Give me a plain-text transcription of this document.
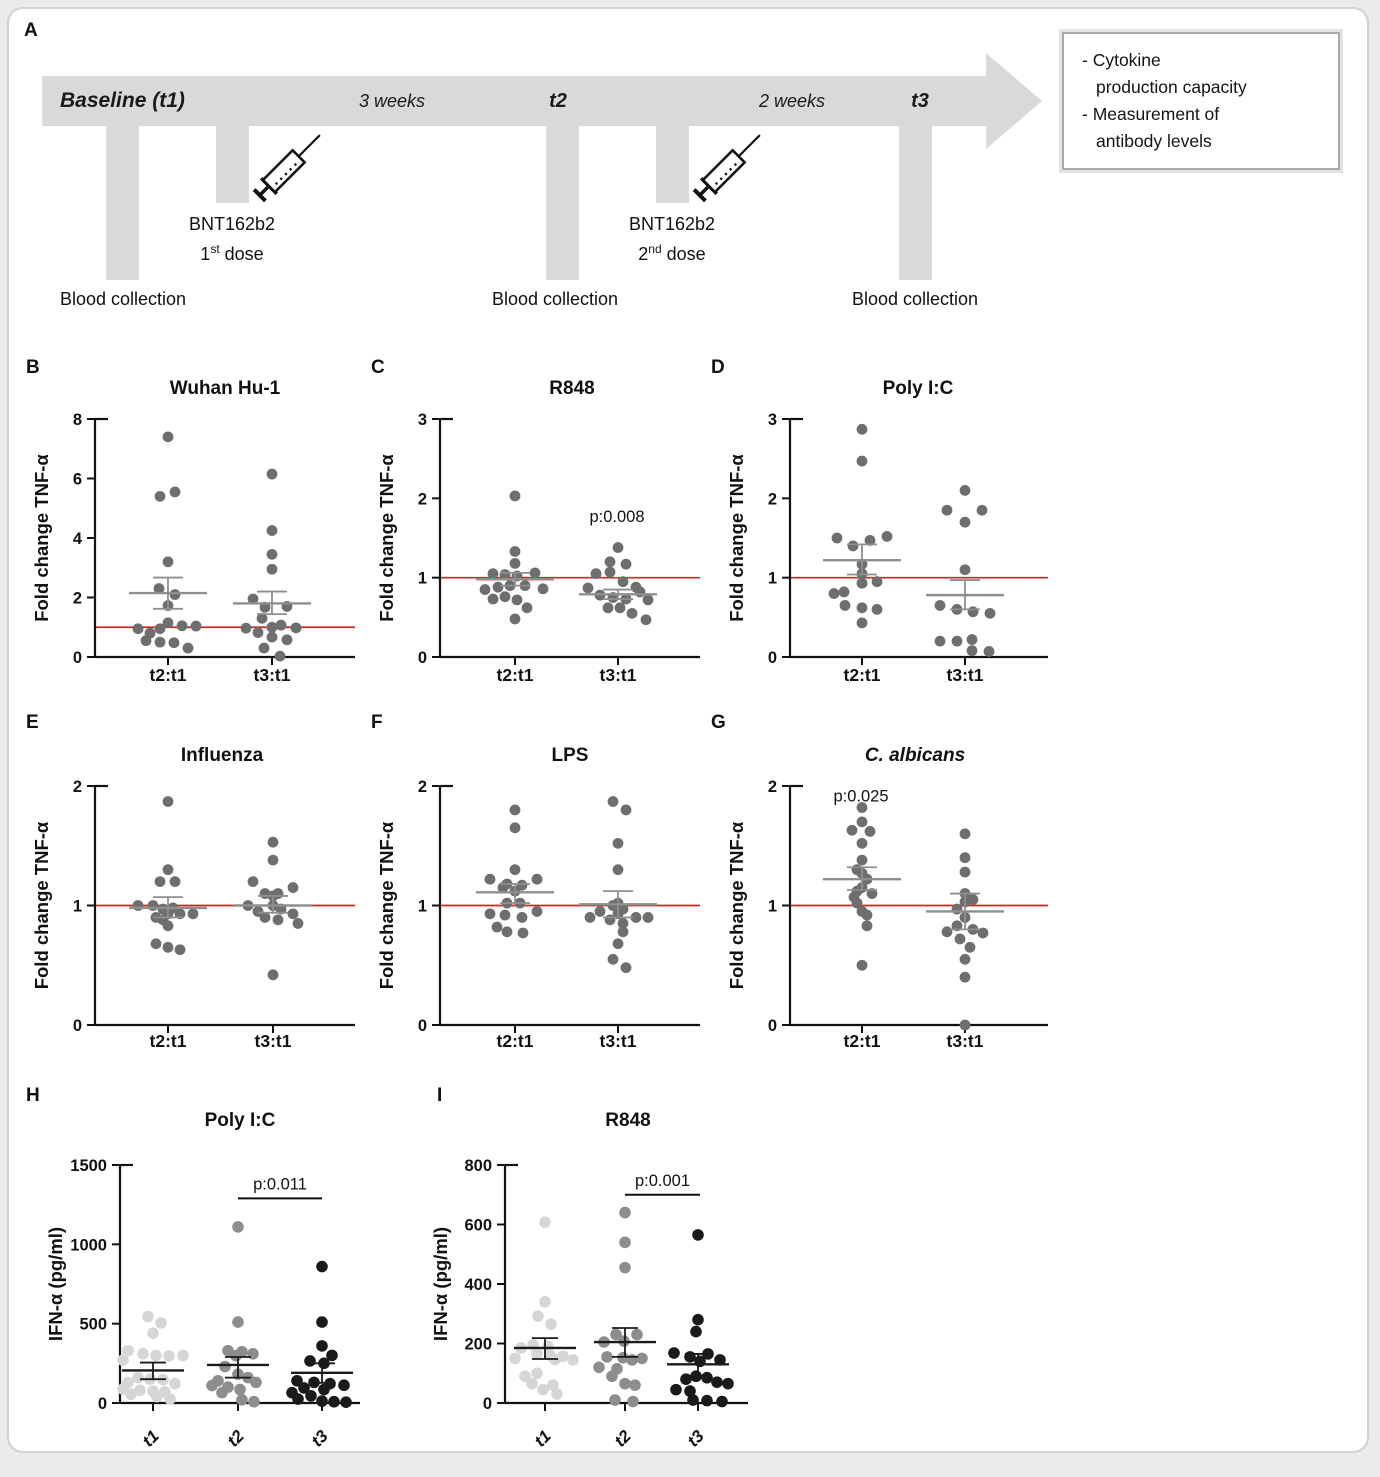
A
Baseline (t1)	3 weeks	t2	2 weeks	t3
BNT162b2
1st dose
BNT162b2
2nd dose
Blood collection	Blood collection	Blood collection
- Cytokine
production capacity
- Measurement of
antibody levels
B
Wuhan Hu-1
Fold change TNF-α
0
2
4
6
8
t2:t1	t3:t1
C
R848
Fold change TNF-α
0
1
2
3
t2:t1	t3:t1
p:0.008
D
Poly I:C
Fold change TNF-α
0
1
2
3
t2:t1	t3:t1
E
Influenza
Fold change TNF-α
0
1
2
t2:t1	t3:t1
F
LPS
Fold change TNF-α
0
1
2
t2:t1	t3:t1
G
C. albicans
Fold change TNF-α
0
1
2
t2:t1	t3:t1
p:0.025
H
Poly I:C
IFN-α (pg/ml)
0
500
1000
1500
t1	t2	t3
p:0.011
I
R848
IFN-α (pg/ml)
0
200
400
600
800
t1	t2	t3
p:0.001
